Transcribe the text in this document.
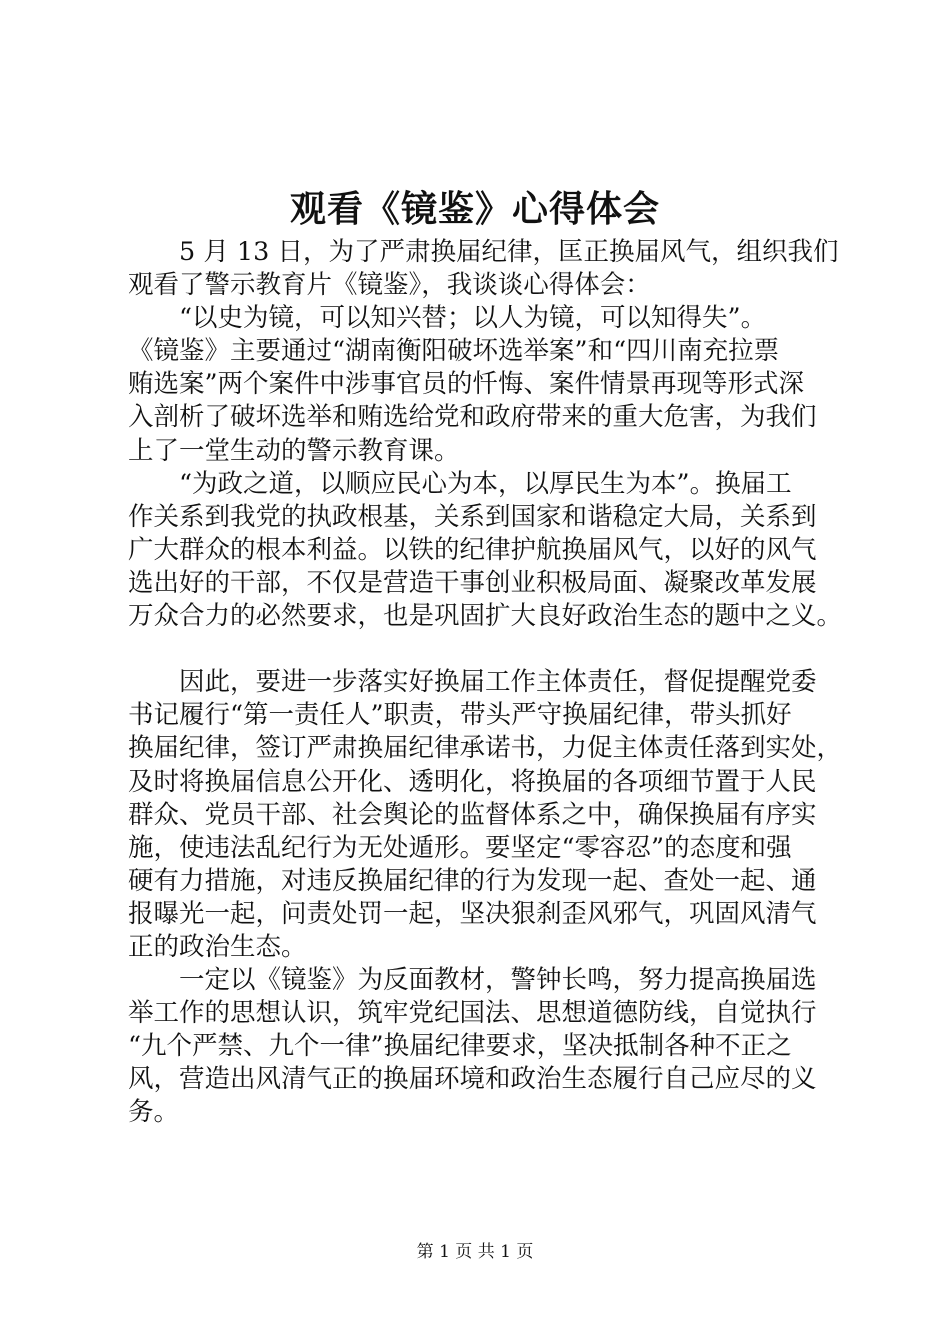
观看《镜鉴》心得体会
　　5 月 13 日，为了严肃换届纪律，匡正换届风气，组织我们
观看了警示教育片《镜鉴》，我谈谈心得体会：
　　“以史为镜，可以知兴替；以人为镜，可以知得失”。
《镜鉴》主要通过“湖南衡阳破坏选举案”和“四川南充拉票
贿选案”两个案件中涉事官员的忏悔、案件情景再现等形式深
入剖析了破坏选举和贿选给党和政府带来的重大危害，为我们
上了一堂生动的警示教育课。
　　“为政之道，以顺应民心为本，以厚民生为本”。换届工
作关系到我党的执政根基，关系到国家和谐稳定大局，关系到
广大群众的根本利益。以铁的纪律护航换届风气，以好的风气
选出好的干部，不仅是营造干事创业积极局面、凝聚改革发展
万众合力的必然要求，也是巩固扩大良好政治生态的题中之义。
　　因此，要进一步落实好换届工作主体责任，督促提醒党委
书记履行“第一责任人”职责，带头严守换届纪律，带头抓好
换届纪律，签订严肃换届纪律承诺书，力促主体责任落到实处，
及时将换届信息公开化、透明化，将换届的各项细节置于人民
群众、党员干部、社会舆论的监督体系之中，确保换届有序实
施，使违法乱纪行为无处遁形。要坚定“零容忍”的态度和强
硬有力措施，对违反换届纪律的行为发现一起、查处一起、通
报曝光一起，问责处罚一起，坚决狠刹歪风邪气，巩固风清气
正的政治生态。
　　一定以《镜鉴》为反面教材，警钟长鸣，努力提高换届选
举工作的思想认识，筑牢党纪国法、思想道德防线，自觉执行
“九个严禁、九个一律”换届纪律要求，坚决抵制各种不正之
风，营造出风清气正的换届环境和政治生态履行自己应尽的义
务。
第 1 页 共 1 页
